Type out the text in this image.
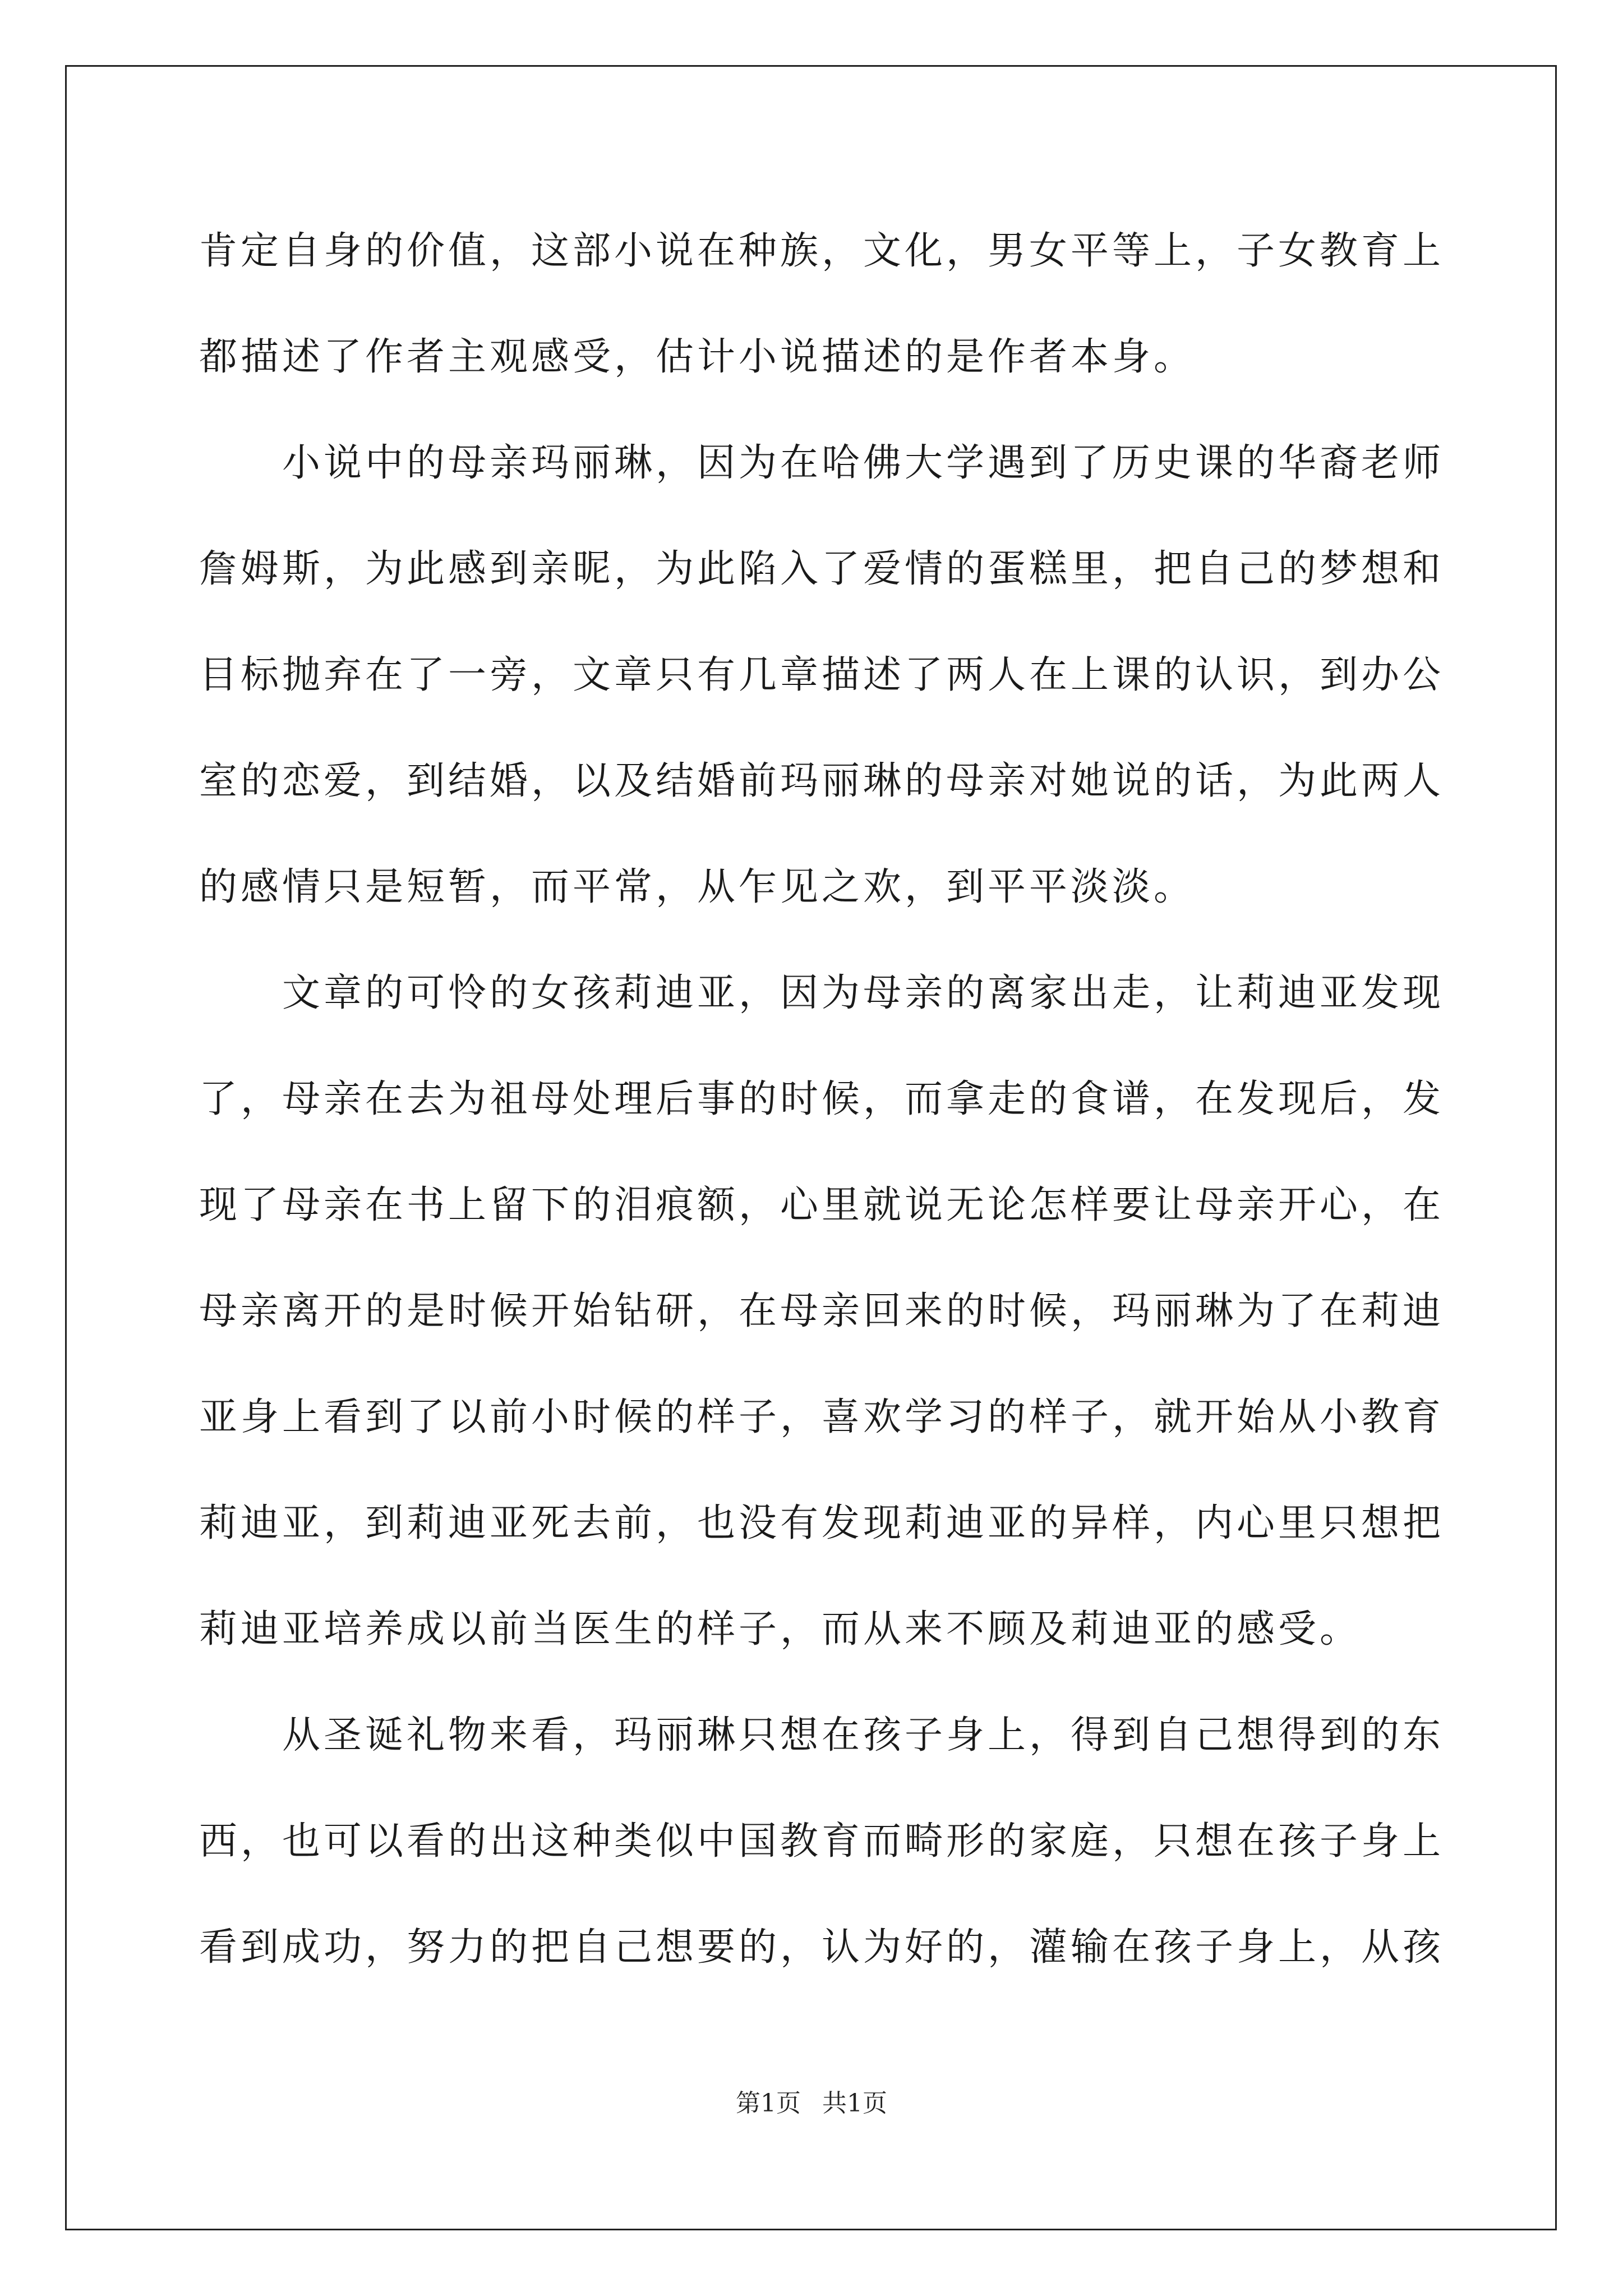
肯定自身的价值，这部小说在种族，文化，男女平等上，子女教育上
都描述了作者主观感受，估计小说描述的是作者本身。
　　小说中的母亲玛丽琳，因为在哈佛大学遇到了历史课的华裔老师
詹姆斯，为此感到亲昵，为此陷入了爱情的蛋糕里，把自己的梦想和
目标抛弃在了一旁，文章只有几章描述了两人在上课的认识，到办公
室的恋爱，到结婚，以及结婚前玛丽琳的母亲对她说的话，为此两人
的感情只是短暂，而平常，从乍见之欢，到平平淡淡。
　　文章的可怜的女孩莉迪亚，因为母亲的离家出走，让莉迪亚发现
了，母亲在去为祖母处理后事的时候，而拿走的食谱，在发现后，发
现了母亲在书上留下的泪痕额，心里就说无论怎样要让母亲开心，在
母亲离开的是时候开始钻研，在母亲回来的时候，玛丽琳为了在莉迪
亚身上看到了以前小时候的样子，喜欢学习的样子，就开始从小教育
莉迪亚，到莉迪亚死去前，也没有发现莉迪亚的异样，内心里只想把
莉迪亚培养成以前当医生的样子，而从来不顾及莉迪亚的感受。
　　从圣诞礼物来看，玛丽琳只想在孩子身上，得到自己想得到的东
西，也可以看的出这种类似中国教育而畸形的家庭，只想在孩子身上
看到成功，努力的把自己想要的，认为好的，灌输在孩子身上，从孩
第1页 共1页
